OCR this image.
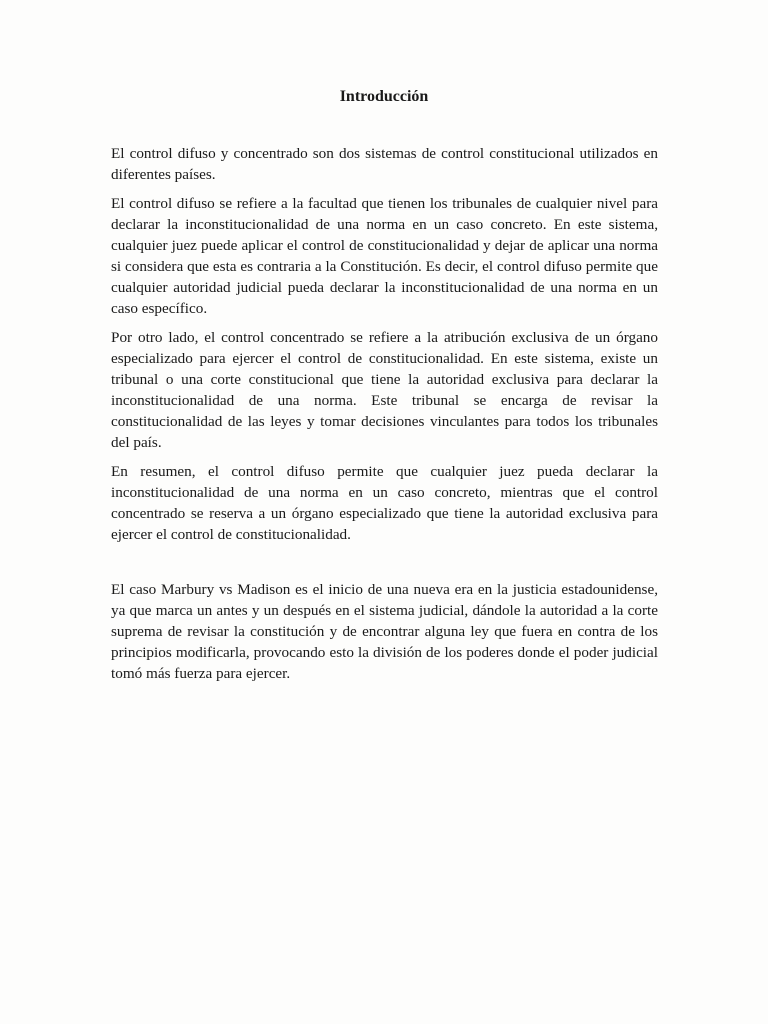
Introducción

El control difuso y concentrado son dos sistemas de control constitucional utilizados en diferentes países.

El control difuso se refiere a la facultad que tienen los tribunales de cualquier nivel para declarar la inconstitucionalidad de una norma en un caso concreto. En este sistema, cualquier juez puede aplicar el control de constitucionalidad y dejar de aplicar una norma si considera que esta es contraria a la Constitución. Es decir, el control difuso permite que cualquier autoridad judicial pueda declarar la inconstitucionalidad de una norma en un caso específico.

Por otro lado, el control concentrado se refiere a la atribución exclusiva de un órgano especializado para ejercer el control de constitucionalidad. En este sistema, existe un tribunal o una corte constitucional que tiene la autoridad exclusiva para declarar la inconstitucionalidad de una norma. Este tribunal se encarga de revisar la constitucionalidad de las leyes y tomar decisiones vinculantes para todos los tribunales del país.

En resumen, el control difuso permite que cualquier juez pueda declarar la inconstitucionalidad de una norma en un caso concreto, mientras que el control concentrado se reserva a un órgano especializado que tiene la autoridad exclusiva para ejercer el control de constitucionalidad.

El caso Marbury vs Madison es el inicio de una nueva era en la justicia estadounidense, ya que marca un antes y un después en el sistema judicial, dándole la autoridad a la corte suprema de revisar la constitución y de encontrar alguna ley que fuera en contra de los principios modificarla, provocando esto la división de los poderes donde el poder judicial tomó más fuerza para ejercer.
